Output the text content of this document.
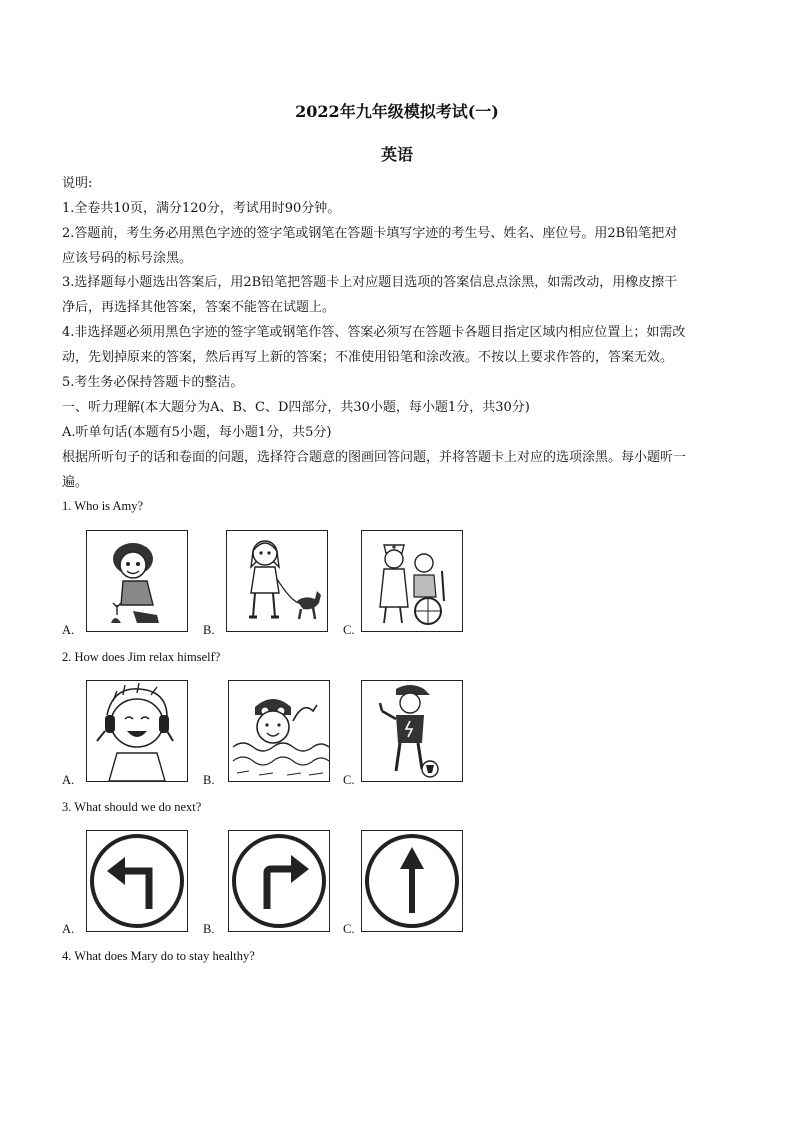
2022年九年级模拟考试(一)
英语
说明:
1.全卷共10页，满分120分，考试用时90分钟。
2.答题前，考生务必用黑色字迹的签字笔或钢笔在答题卡填写字迹的考生号、姓名、座位号。用2B铅笔把对
应该号码的标号涂黑。
3.选择题每小题选出答案后，用2B铅笔把答题卡上对应题目选项的答案信息点涂黑，如需改动，用橡皮擦干
净后，再选择其他答案，答案不能答在试题上。
4.非选择题必须用黑色字迹的签字笔或钢笔作答、答案必须写在答题卡各题目指定区域内相应位置上；如需改
动，先划掉原来的答案，然后再写上新的答案；不准使用铅笔和涂改液。不按以上要求作答的，答案无效。
5.考生务必保持答题卡的整洁。
一、听力理解(本大题分为A、B、C、D四部分，共30小题，每小题1分，共30分)
A.听单句话(本题有5小题，每小题1分，共5分)
根据所听句子的话和卷面的问题，选择符合题意的图画回答问题，并将答题卡上对应的选项涂黑。每小题听一
遍。
1. Who is Amy?
A.	B.	C.
2. How does Jim relax himself?
A.	B.	C.
3. What should we do next?
A.	B.	C.
4. What does Mary do to stay healthy?
